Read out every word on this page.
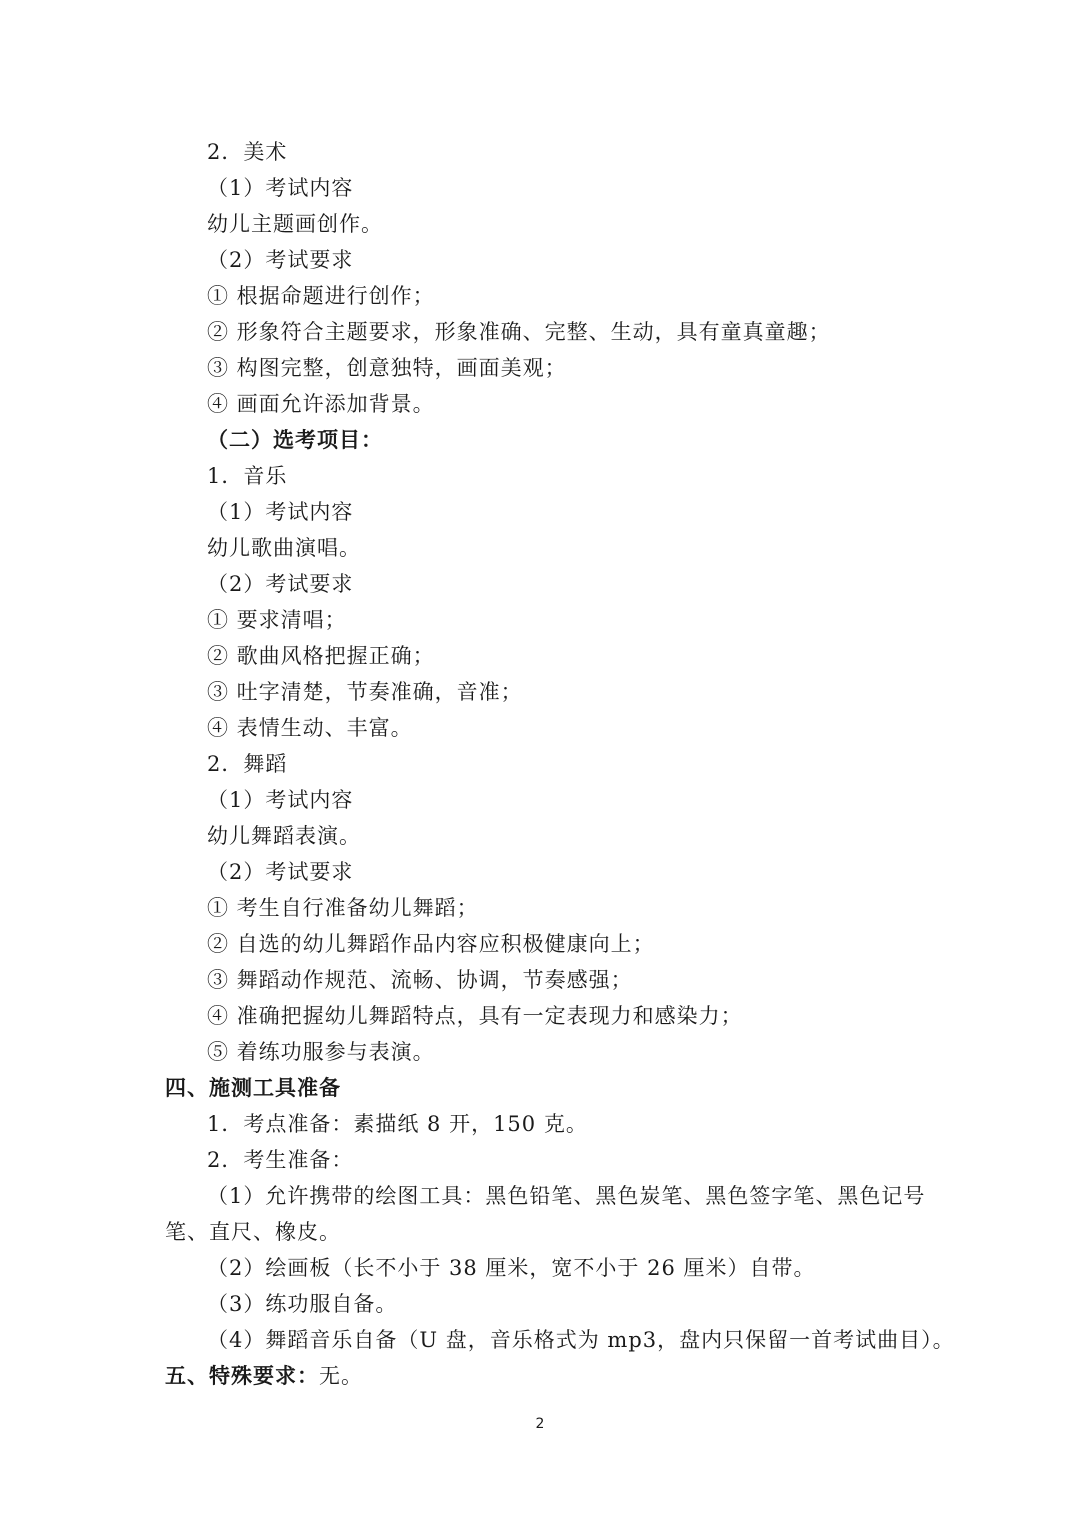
2．美术
（1）考试内容
幼儿主题画创作。
（2）考试要求
① 根据命题进行创作；
② 形象符合主题要求，形象准确、完整、生动，具有童真童趣；
③ 构图完整，创意独特，画面美观；
④ 画面允许添加背景。
（二）选考项目：
1．音乐
（1）考试内容
幼儿歌曲演唱。
（2）考试要求
① 要求清唱；
② 歌曲风格把握正确；
③ 吐字清楚，节奏准确，音准；
④ 表情生动、丰富。
2．舞蹈
（1）考试内容
幼儿舞蹈表演。
（2）考试要求
① 考生自行准备幼儿舞蹈；
② 自选的幼儿舞蹈作品内容应积极健康向上；
③ 舞蹈动作规范、流畅、协调，节奏感强；
④ 准确把握幼儿舞蹈特点，具有一定表现力和感染力；
⑤ 着练功服参与表演。
四、施测工具准备
1．考点准备：素描纸 8 开，150 克。
2．考生准备：
（1）允许携带的绘图工具：黑色铅笔、黑色炭笔、黑色签字笔、黑色记号
笔、直尺、橡皮。
（2）绘画板（长不小于 38 厘米，宽不小于 26 厘米）自带。
（3）练功服自备。
（4）舞蹈音乐自备（U 盘，音乐格式为 mp3，盘内只保留一首考试曲目）。
五、特殊要求：无。
2
